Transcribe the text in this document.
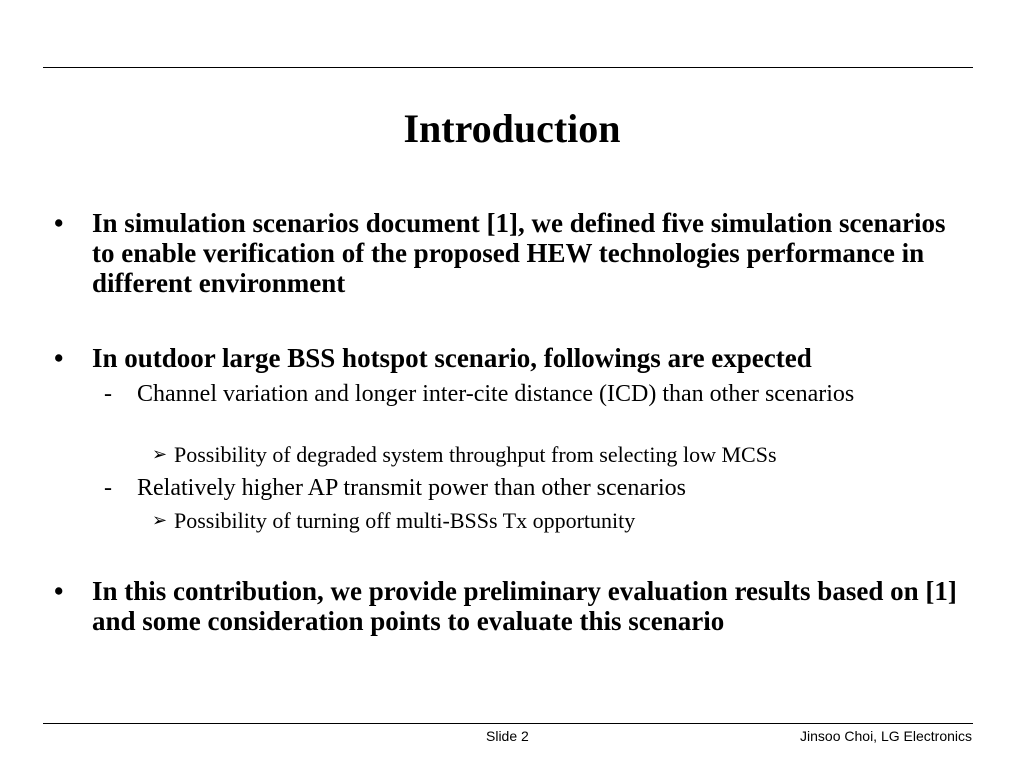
Introduction
•	In simulation scenarios document [1], we defined five simulation scenarios to enable verification of the proposed HEW technologies performance in different environment
•	In outdoor large BSS hotspot scenario, followings are expected
- Channel variation and longer inter-cite distance (ICD) than other scenarios
➢ Possibility of degraded system throughput from selecting low MCSs
- Relatively higher AP transmit power than other scenarios
➢ Possibility of turning off multi-BSSs Tx opportunity
•	In this contribution, we provide preliminary evaluation results based on [1] and some consideration points to evaluate this scenario
Slide 2	Jinsoo Choi, LG Electronics
